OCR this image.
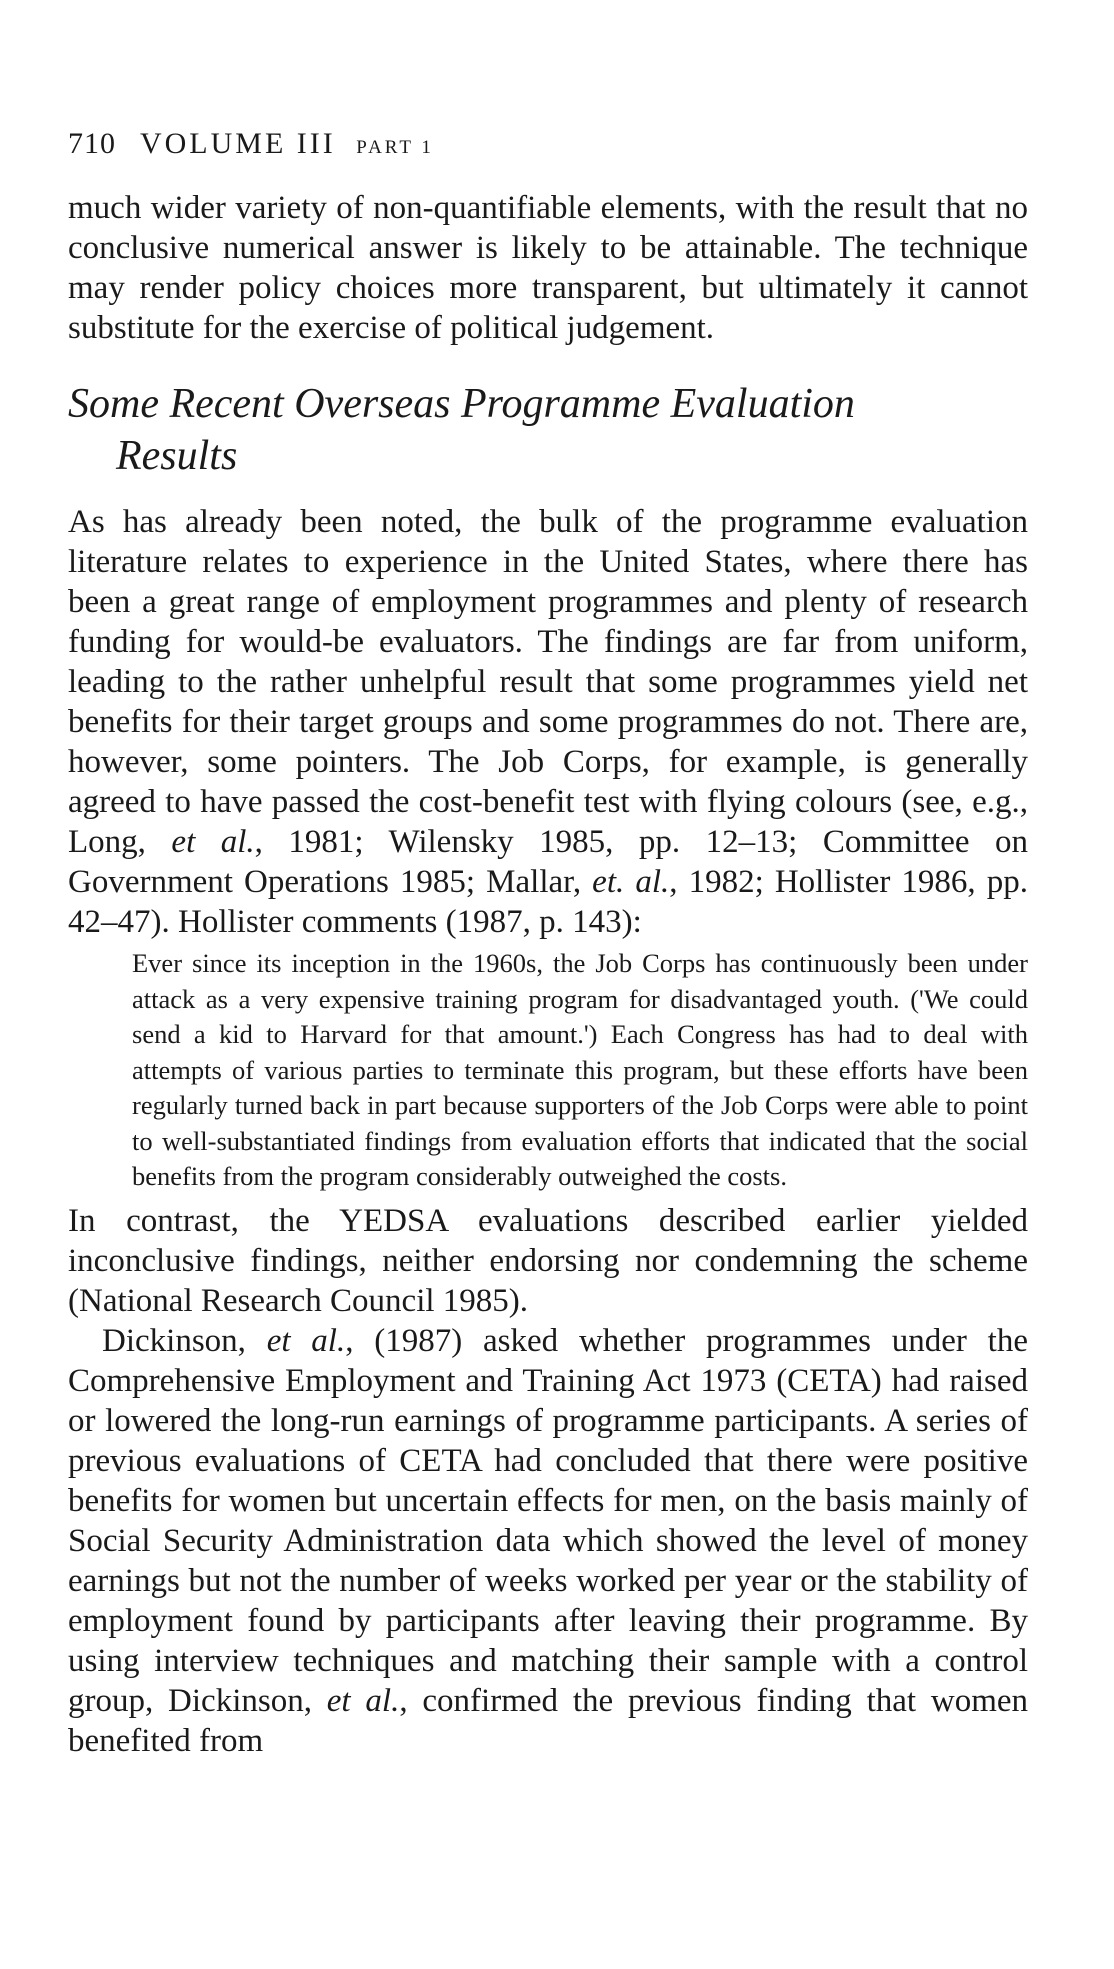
710 VOLUME III PART 1

much wider variety of non-quantifiable elements, with the result that no conclusive numerical answer is likely to be attainable. The technique may render policy choices more transparent, but ultimately it cannot substitute for the exercise of political judgement.

Some Recent Overseas Programme Evaluation
Results

As has already been noted, the bulk of the programme evaluation literature relates to experience in the United States, where there has been a great range of employment programmes and plenty of research funding for would-be evaluators. The findings are far from uniform, leading to the rather unhelpful result that some programmes yield net benefits for their target groups and some programmes do not. There are, however, some pointers. The Job Corps, for example, is generally agreed to have passed the cost-benefit test with flying colours (see, e.g., Long, et al., 1981; Wilensky 1985, pp. 12–13; Committee on Government Operations 1985; Mallar, et. al., 1982; Hollister 1986, pp. 42–47). Hollister comments (1987, p. 143):

Ever since its inception in the 1960s, the Job Corps has continuously been under attack as a very expensive training program for disadvantaged youth. ('We could send a kid to Harvard for that amount.') Each Congress has had to deal with attempts of various parties to terminate this program, but these efforts have been regularly turned back in part because supporters of the Job Corps were able to point to well-substantiated findings from evaluation efforts that indicated that the social benefits from the program considerably outweighed the costs.

In contrast, the YEDSA evaluations described earlier yielded inconclusive findings, neither endorsing nor condemning the scheme (National Research Council 1985).

Dickinson, et al., (1987) asked whether programmes under the Comprehensive Employment and Training Act 1973 (CETA) had raised or lowered the long-run earnings of programme participants. A series of previous evaluations of CETA had concluded that there were positive benefits for women but uncertain effects for men, on the basis mainly of Social Security Administration data which showed the level of money earnings but not the number of weeks worked per year or the stability of employment found by participants after leaving their programme. By using interview techniques and matching their sample with a control group, Dickinson, et al., confirmed the previous finding that women benefited from
